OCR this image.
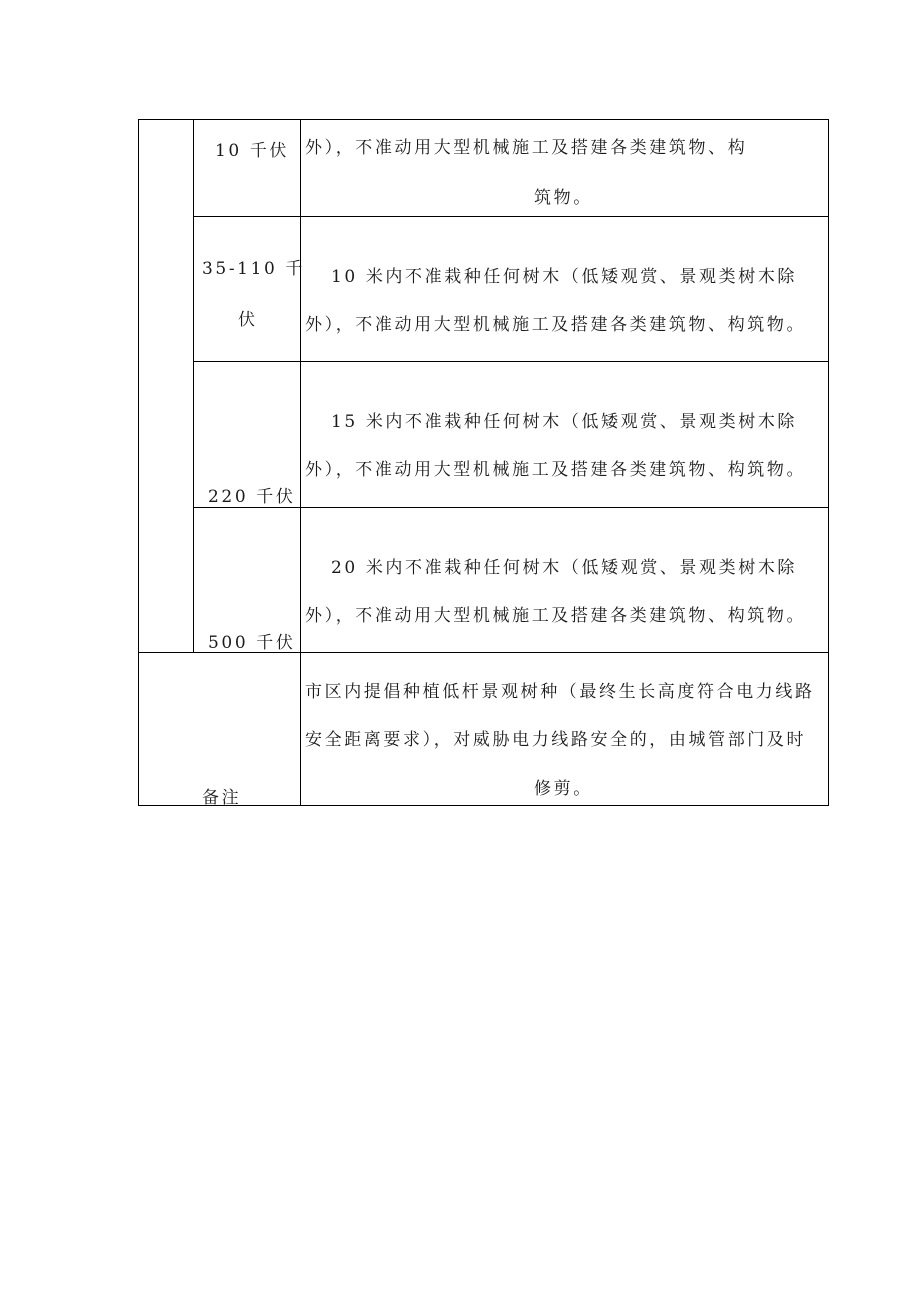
	10 千伏	外），不准动用大型机械施工及搭建各类建筑物、构
筑物。

	35-110 千
伏	10 米内不准栽种任何树木（低矮观赏、景观类树木除
外），不准动用大型机械施工及搭建各类建筑物、构筑物。

	220 千伏	15 米内不准栽种任何树木（低矮观赏、景观类树木除
外），不准动用大型机械施工及搭建各类建筑物、构筑物。

	500 千伏	20 米内不准栽种任何树木（低矮观赏、景观类树木除
外），不准动用大型机械施工及搭建各类建筑物、构筑物。

备注		市区内提倡种植低杆景观树种（最终生长高度符合电力线路
安全距离要求），对威胁电力线路安全的，由城管部门及时
修剪。
